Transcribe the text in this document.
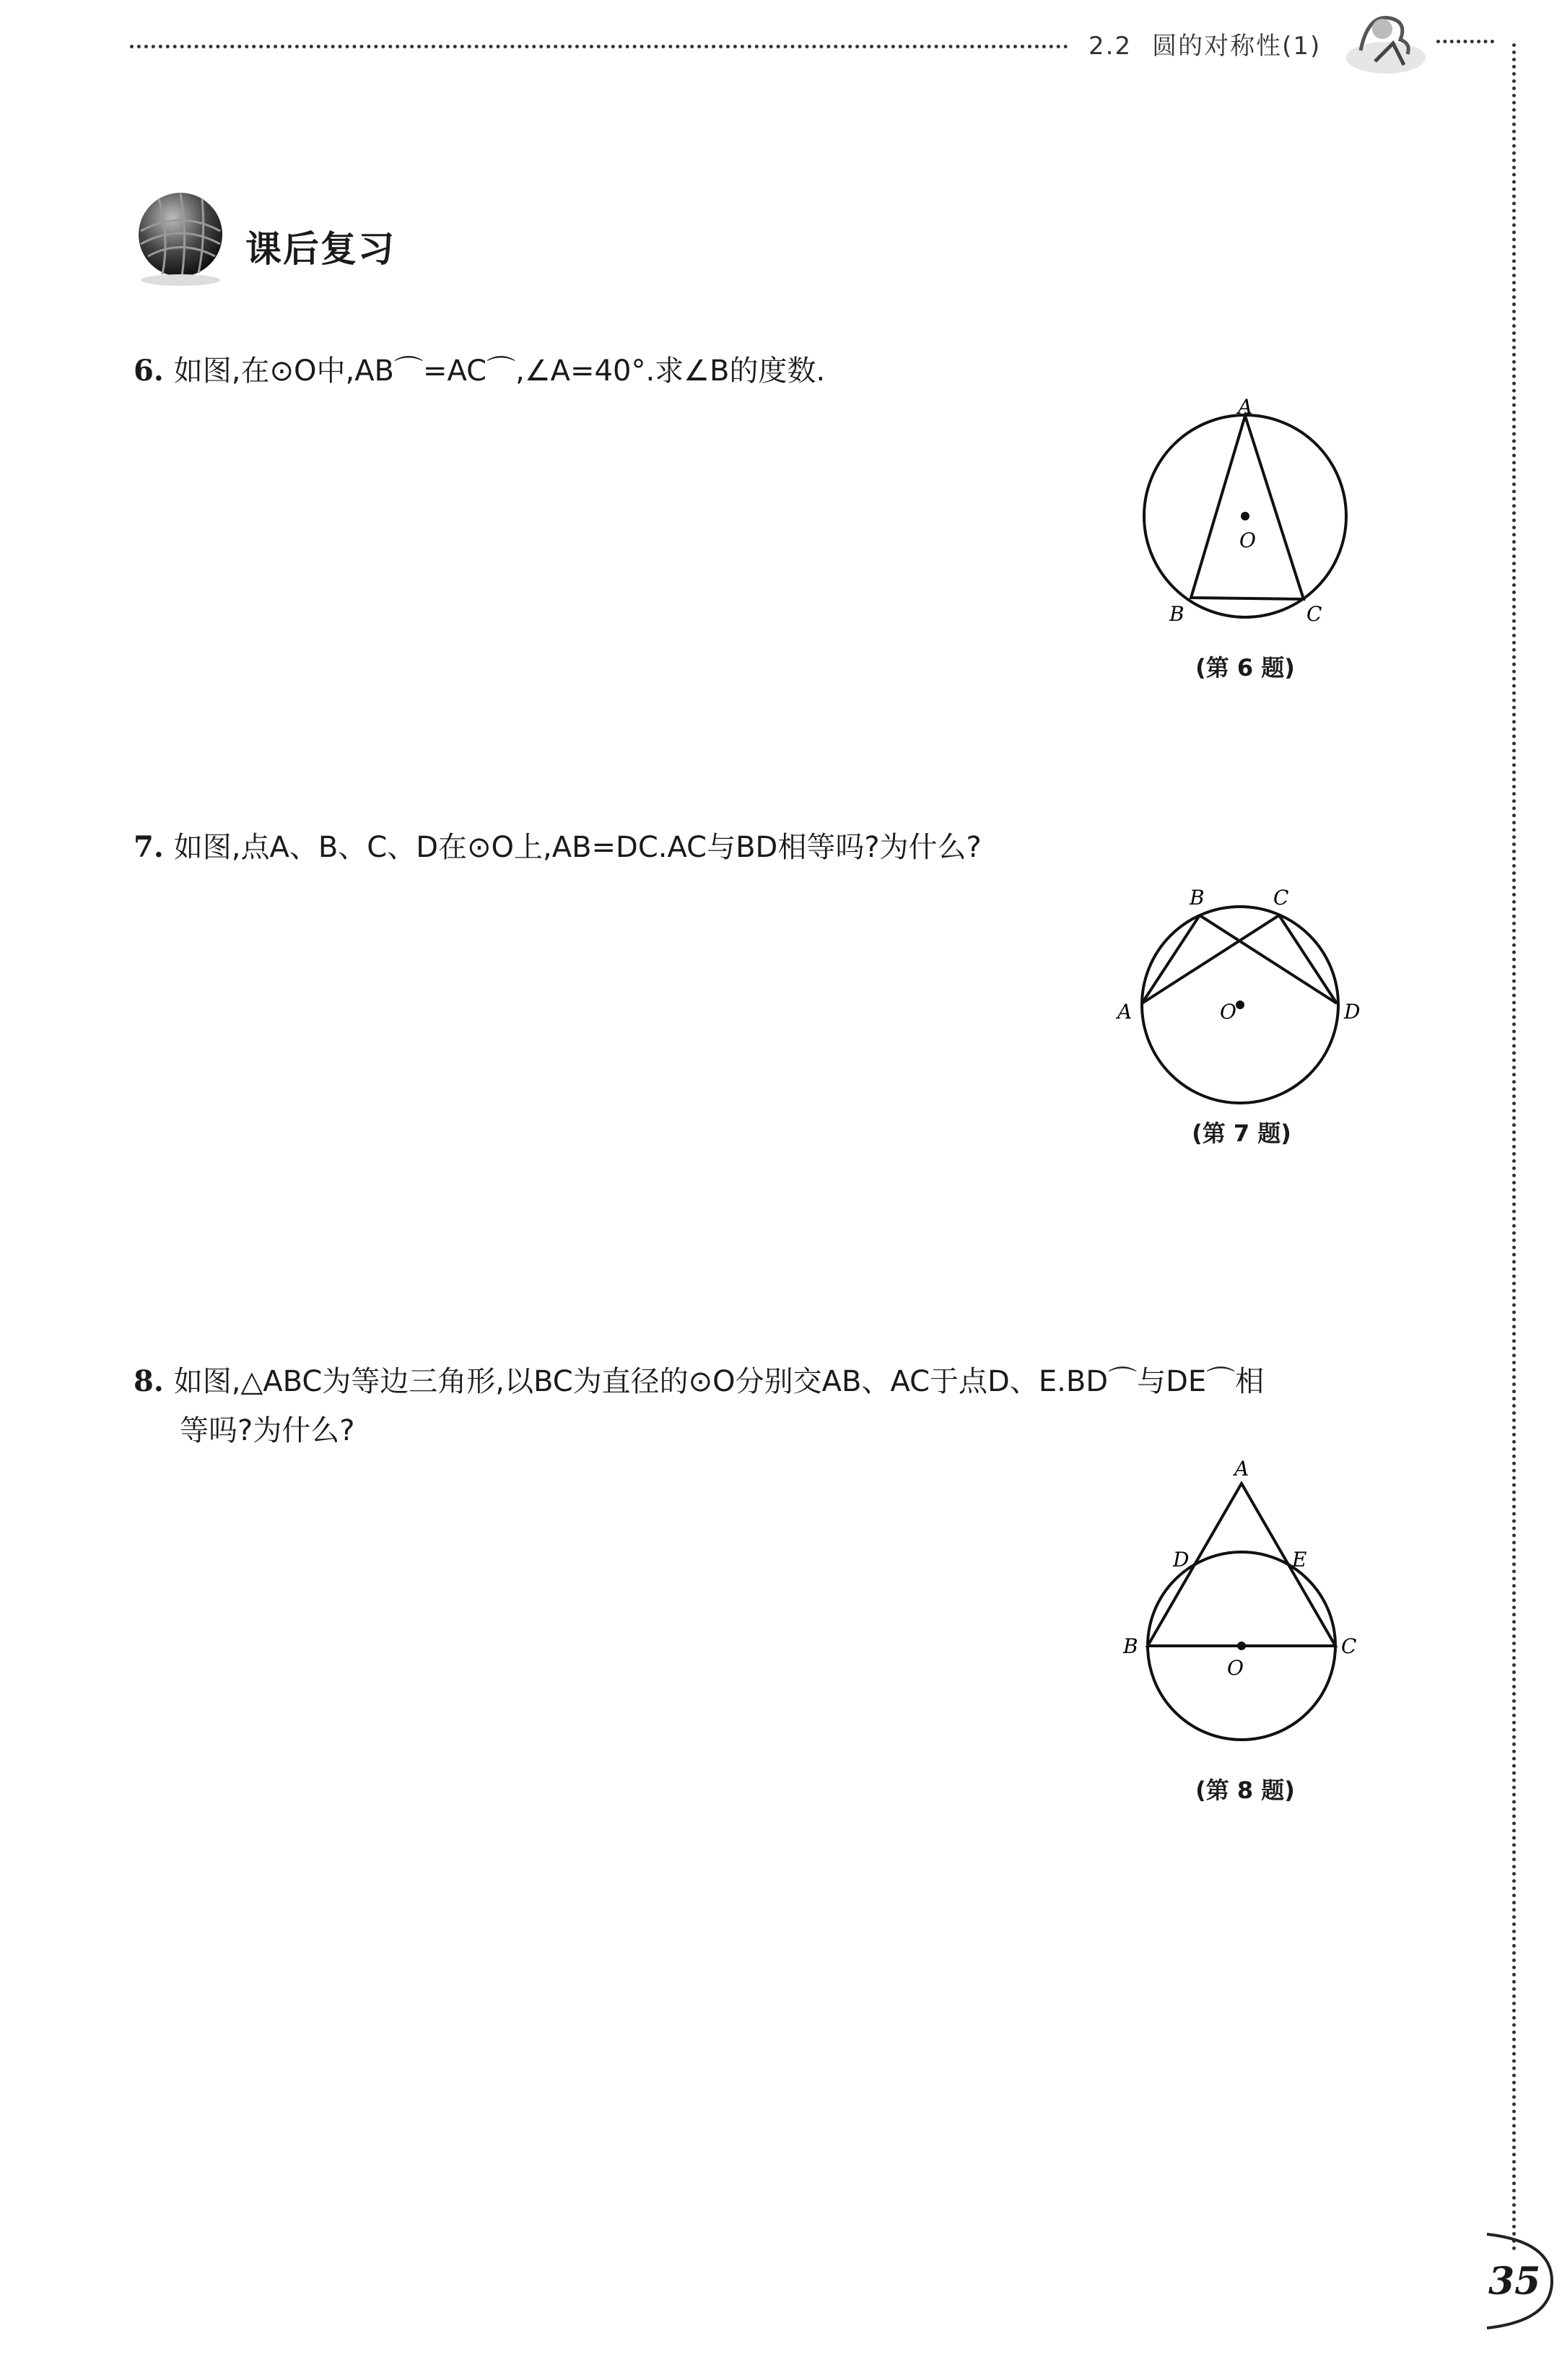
2.2 圆的对称性(1)
课后复习
6. 如图,在⊙O中,AB⌒=AC⌒,∠A=40°.求∠B的度数.
A
O
B	C
(第 6 题)
7. 如图,点A、B、C、D在⊙O上,AB=DC.AC与BD相等吗?为什么?
B	C
A	D
O
(第 7 题)
8. 如图,△ABC为等边三角形,以BC为直径的⊙O分别交AB、AC于点D、E.BD⌒与DE⌒相
等吗?为什么?
A
D	E
B	C
O
(第 8 题)
35
